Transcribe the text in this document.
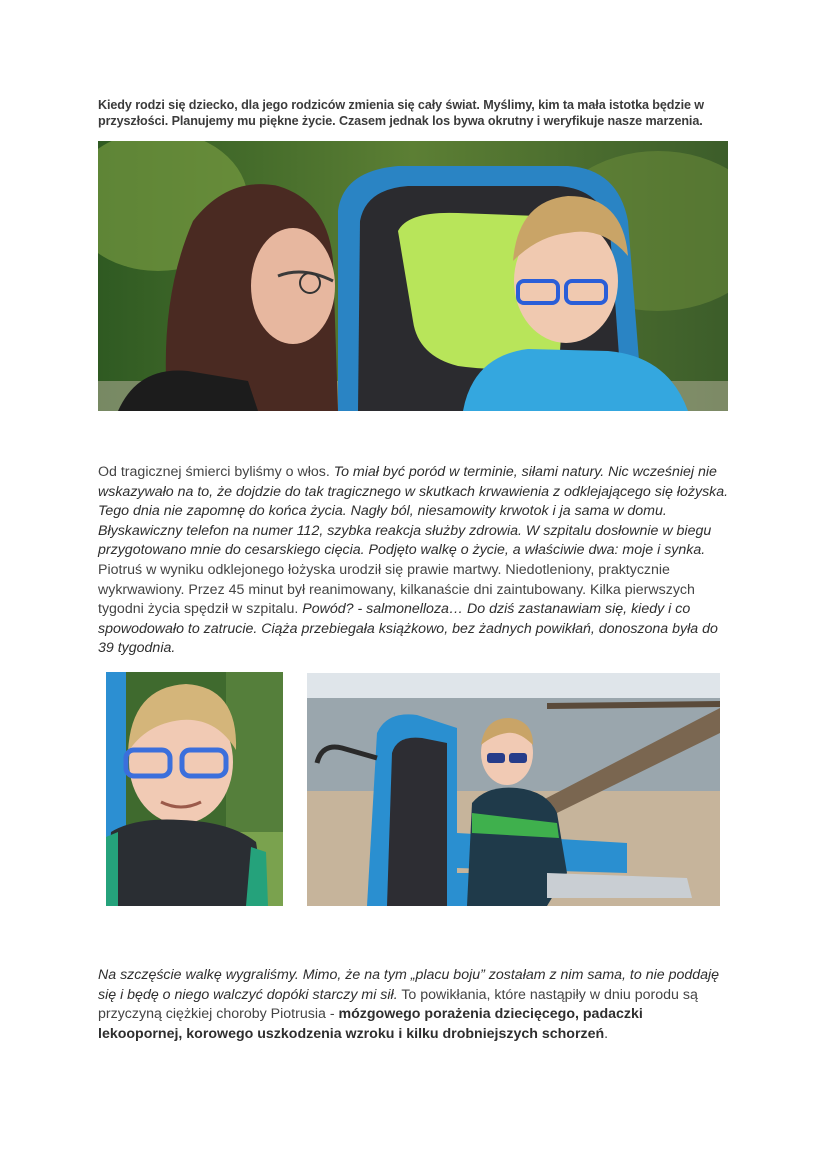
Kiedy rodzi się dziecko, dla jego rodziców zmienia się cały świat. Myślimy, kim ta mała istotka będzie w przyszłości. Planujemy mu piękne życie. Czasem jednak los bywa okrutny i weryfikuje nasze marzenia.
Od tragicznej śmierci byliśmy o włos. To miał być poród w terminie, siłami natury. Nic wcześniej nie wskazywało na to, że dojdzie do tak tragicznego w skutkach krwawienia z odklejającego się łożyska. Tego dnia nie zapomnę do końca życia. Nagły ból, niesamowity krwotok i ja sama w domu. Błyskawiczny telefon na numer 112, szybka reakcja służby zdrowia. W szpitalu dosłownie w biegu przygotowano mnie do cesarskiego cięcia. Podjęto walkę o życie, a właściwie dwa: moje i synka. Piotruś w wyniku odklejonego łożyska urodził się prawie martwy. Niedotleniony, praktycznie wykrwawiony. Przez 45 minut był reanimowany, kilkanaście dni zaintubowany. Kilka pierwszych tygodni życia spędził w szpitalu. Powód? - salmonelloza… Do dziś zastanawiam się, kiedy i co spowodowało to zatrucie. Ciąża przebiegała książkowo, bez żadnych powikłań, donoszona była do 39 tygodnia.
Na szczęście walkę wygraliśmy. Mimo, że na tym „placu boju” zostałam z nim sama, to nie poddaję się i będę o niego walczyć dopóki starczy mi sił. To powikłania, które nastąpiły w dniu porodu są przyczyną ciężkiej choroby Piotrusia - mózgowego porażenia dziecięcego, padaczki lekoopornej, korowego uszkodzenia wzroku i kilku drobniejszych schorzeń.
